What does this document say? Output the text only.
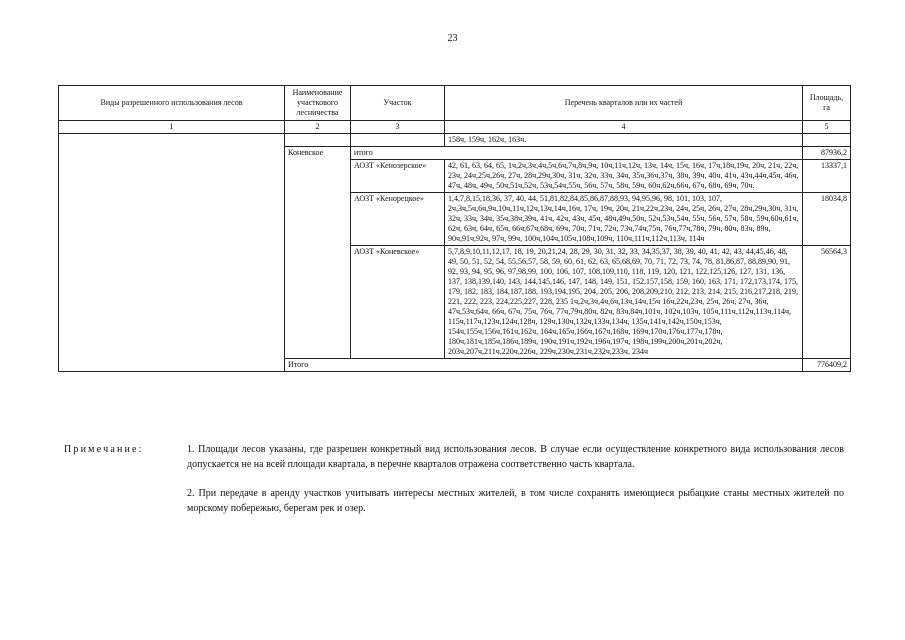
23
Виды разрешенного использования лесов	Наименование участкового лесничества	Участок	Перечень кварталов или их частей	Площадь, га
1	2	3	4	5
			158ч, 159ч, 162ч, 163ч.	
	Коневское	итого		87936,2
		АОЗТ «Кенозерское»	42, 61, 63, 64, 65, 1ч,2ч,3ч,4ч,5ч,6ч,7ч,8ч,9ч, 10ч,11ч,12ч, 13ч, 14ч, 15ч, 16ч, 17ч,18ч,19ч, 20ч, 21ч, 22ч, 23ч, 24ч,25ч,26ч, 27ч, 28ч,29ч,30ч, 31ч, 32ч, 33ч, 34ч, 35ч,36ч,37ч, 38ч, 39ч, 40ч, 41ч, 43ч,44ч,45ч, 46ч, 47ч, 48ч, 49ч, 50ч,51ч,52ч, 53ч,54ч,55ч, 56ч, 57ч, 58ч, 59ч, 60ч,62ч,66ч, 67ч, 68ч, 69ч, 70ч.	13337,1
		АОЗТ «Кенорецкое»	1,4,7,8,15,18,36, 37, 40, 44, 51,81,82,84,85,86,87,88,93, 94,95,96, 98, 101, 103, 107, 2ч,3ч,5ч,6ч,9ч,10ч,11ч,12ч,13ч,14ч,16ч, 17ч, 19ч, 20ч, 21ч,22ч,23ч, 24ч, 25ч, 26ч, 27ч, 28ч,29ч,30ч, 31ч, 32ч, 33ч, 34ч, 35ч,38ч,39ч, 41ч, 42ч, 43ч, 45ч, 48ч,49ч,50ч, 52ч,53ч,54ч, 55ч, 56ч, 57ч, 58ч, 59ч,60ч,61ч, 62ч, 63ч, 64ч, 65ч, 66ч,67ч,68ч, 69ч, 70ч, 71ч, 72ч, 73ч,74ч,75ч, 76ч,77ч,78ч, 79ч, 80ч, 83ч, 89ч, 90ч,91ч,92ч, 97ч, 99ч, 100ч,104ч,105ч,108ч,109ч, 110ч,111ч,112ч,113ч, 114ч	18034,8
		АОЗТ «Коневское»	5,7,8,9,10,11,12,17, 18, 19, 20,21,24, 28, 29, 30, 31, 32, 33, 34,35,37, 38, 39, 40, 41, 42, 43, 44,45,46, 48, 49, 50, 51, 52, 54, 55,56,57, 58, 59, 60, 61, 62, 63, 65,68,69, 70, 71, 72, 73, 74, 78, 81,86,87, 88,89,90, 91, 92, 93, 94, 95, 96, 97,98,99, 100, 106, 107, 108,109,110, 118, 119, 120, 121, 122,125,126, 127, 131, 136, 137, 138,139,140, 143, 144,145,146, 147, 148, 149, 151, 152,157,158, 159, 160, 163, 171, 172,173,174, 175, 179, 182, 183, 184,187,188, 193,194,195, 204, 205, 206, 208,209,210, 212, 213, 214, 215, 216,217,218, 219, 221, 222, 223, 224,225,227, 228, 235 1ч,2ч,3ч,4ч,6ч,13ч,14ч,15ч 16ч,22ч,23ч, 25ч, 26ч, 27ч, 36ч, 47ч,53ч,64ч, 66ч, 67ч, 75ч, 76ч, 77ч,79ч,80ч, 82ч, 83ч,84ч,101ч, 102ч,103ч, 105ч,111ч,112ч,113ч,114ч, 115ч,117ч,123ч,124ч,128ч, 129ч,130ч,132ч,133ч,134ч, 135ч,141ч,142ч,150ч,153ч, 154ч,155ч,156ч,161ч,162ч, 164ч,165ч,166ч,167ч,168ч, 169ч,170ч,176ч,177ч,178ч, 180ч,181ч,185ч,186ч,189ч, 190ч,191ч,192ч,196ч,197ч, 198ч,199ч,200ч,201ч,202ч, 203ч,207ч,211ч,220ч,226ч, 229ч,230ч,231ч,232ч,233ч, 234ч	56564,3
	Итого			776409,2
Примечание:	1. Площади лесов указаны, где разрешен конкретный вид использования лесов. В случае если осуществление конкретного вида использования лесов допускается не на всей площади квартала, в перечне кварталов отражена соответственно часть квартала.
2. При передаче в аренду участков учитывать интересы местных жителей, в том числе сохранять имеющиеся рыбацкие станы местных жителей по морскому побережью, берегам рек и озер.
